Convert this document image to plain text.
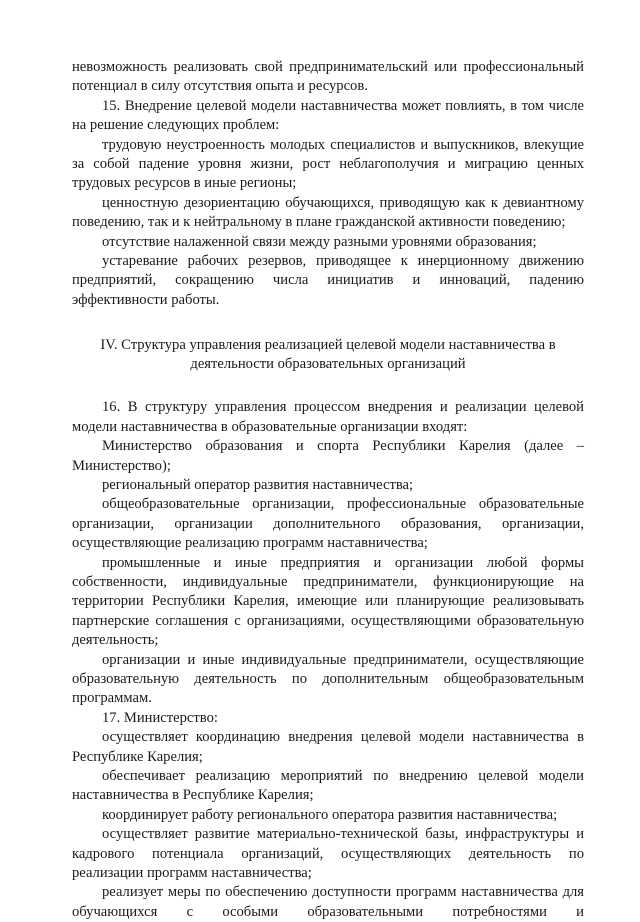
невозможность реализовать свой предпринимательский или профессиональный потенциал в силу отсутствия опыта и ресурсов.

15. Внедрение целевой модели наставничества может повлиять, в том числе на решение следующих проблем:

трудовую неустроенность молодых специалистов и выпускников, влекущие за собой падение уровня жизни, рост неблагополучия и миграцию ценных трудовых ресурсов в иные регионы;

ценностную дезориентацию обучающихся, приводящую как к девиантному поведению, так и к нейтральному в плане гражданской активности поведению;

отсутствие налаженной связи между разными уровнями образования;

устаревание рабочих резервов, приводящее к инерционному движению предприятий, сокращению числа инициатив и инноваций, падению эффективности работы.

IV. Структура управления реализацией целевой модели наставничества в деятельности образовательных организаций

16. В структуру управления процессом внедрения и реализации целевой модели наставничества в образовательные организации входят:

Министерство образования и спорта Республики Карелия (далее – Министерство);

региональный оператор развития наставничества;

общеобразовательные организации, профессиональные образовательные организации, организации дополнительного образования, организации, осуществляющие реализацию программ наставничества;

промышленные и иные предприятия и организации любой формы собственности, индивидуальные предприниматели, функционирующие на территории Республики Карелия, имеющие или планирующие реализовывать партнерские соглашения с организациями, осуществляющими образовательную деятельность;

организации и иные индивидуальные предприниматели, осуществляющие образовательную деятельность по дополнительным общеобразовательным программам.

17. Министерство:

осуществляет координацию внедрения целевой модели наставничества в Республике Карелия;

обеспечивает реализацию мероприятий по внедрению целевой модели наставничества в Республике Карелия;

координирует работу регионального оператора развития наставничества;

осуществляет развитие материально-технической базы, инфраструктуры и кадрового потенциала организаций, осуществляющих деятельность по реализации программ наставничества;

реализует меры по обеспечению доступности программ наставничества для обучающихся с особыми образовательными потребностями и
